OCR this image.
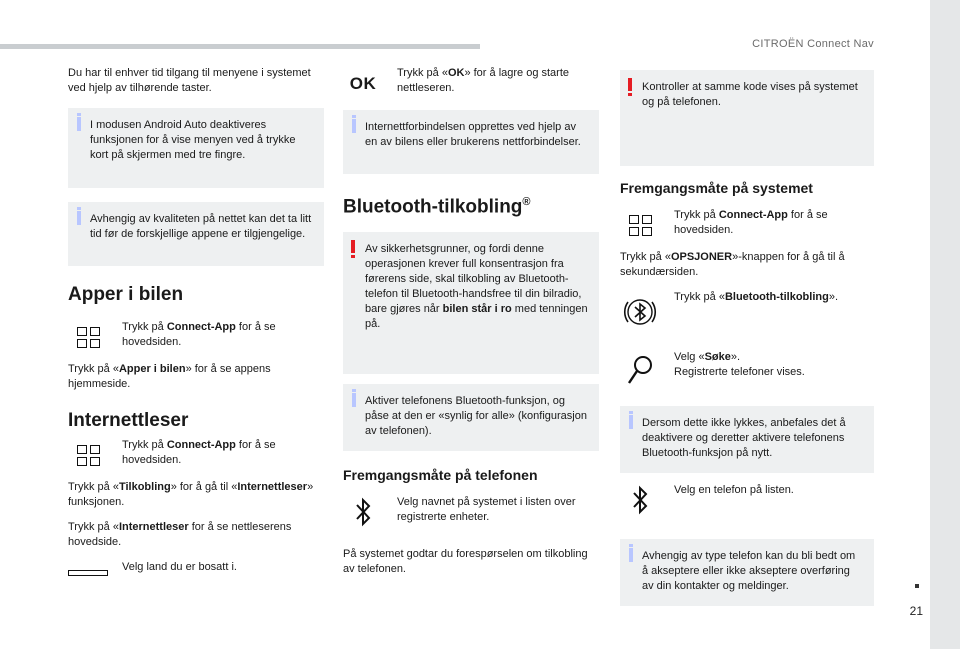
CITROËN Connect Nav
21

Du har til enhver tid tilgang til menyene i systemet ved hjelp av tilhørende taster.

I modusen Android Auto deaktiveres funksjonen for å vise menyen ved å trykke kort på skjermen med tre fingre.
Avhengig av kvaliteten på nettet kan det ta litt tid før de forskjellige appene er tilgjengelige.
Apper i bilen
Trykk på Connect-App for å se hovedsiden.

Trykk på «Apper i bilen» for å se appens hjemmeside.

Internettleser
Trykk på Connect-App for å se hovedsiden.

Trykk på «Tilkobling» for å gå til «Internettleser» funksjonen.

Trykk på «Internettleser for å se nettleserens hovedside.

Velg land du er bosatt i.
OK
Trykk på «OK» for å lagre og starte nettleseren.
Internettforbindelsen opprettes ved hjelp av en av bilens eller brukerens nettforbindelser.
Bluetooth-tilkobling®
Av sikkerhetsgrunner, og fordi denne operasjonen krever full konsentrasjon fra førerens side, skal tilkobling av Bluetooth-telefon til Bluetooth-handsfree til din bilradio, bare gjøres når bilen står i ro med tenningen på.
Aktiver telefonens Bluetooth-funksjon, og påse at den er «synlig for alle» (konfigurasjon av telefonen).
Fremgangsmåte på telefonen
Velg navnet på systemet i listen over registrerte enheter.

På systemet godtar du forespørselen om tilkobling av telefonen.

Kontroller at samme kode vises på systemet og på telefonen.
Fremgangsmåte på systemet
Trykk på Connect-App for å se hovedsiden.

Trykk på «OPSJONER»-knappen for å gå til å sekundærsiden.

Trykk på «Bluetooth-tilkobling».
Velg «Søke».
Registrerte telefoner vises.
Dersom dette ikke lykkes, anbefales det å deaktivere og deretter aktivere telefonens Bluetooth-funksjon på nytt.
Velg en telefon på listen.
Avhengig av type telefon kan du bli bedt om å akseptere eller ikke akseptere overføring av din kontakter og meldinger.
